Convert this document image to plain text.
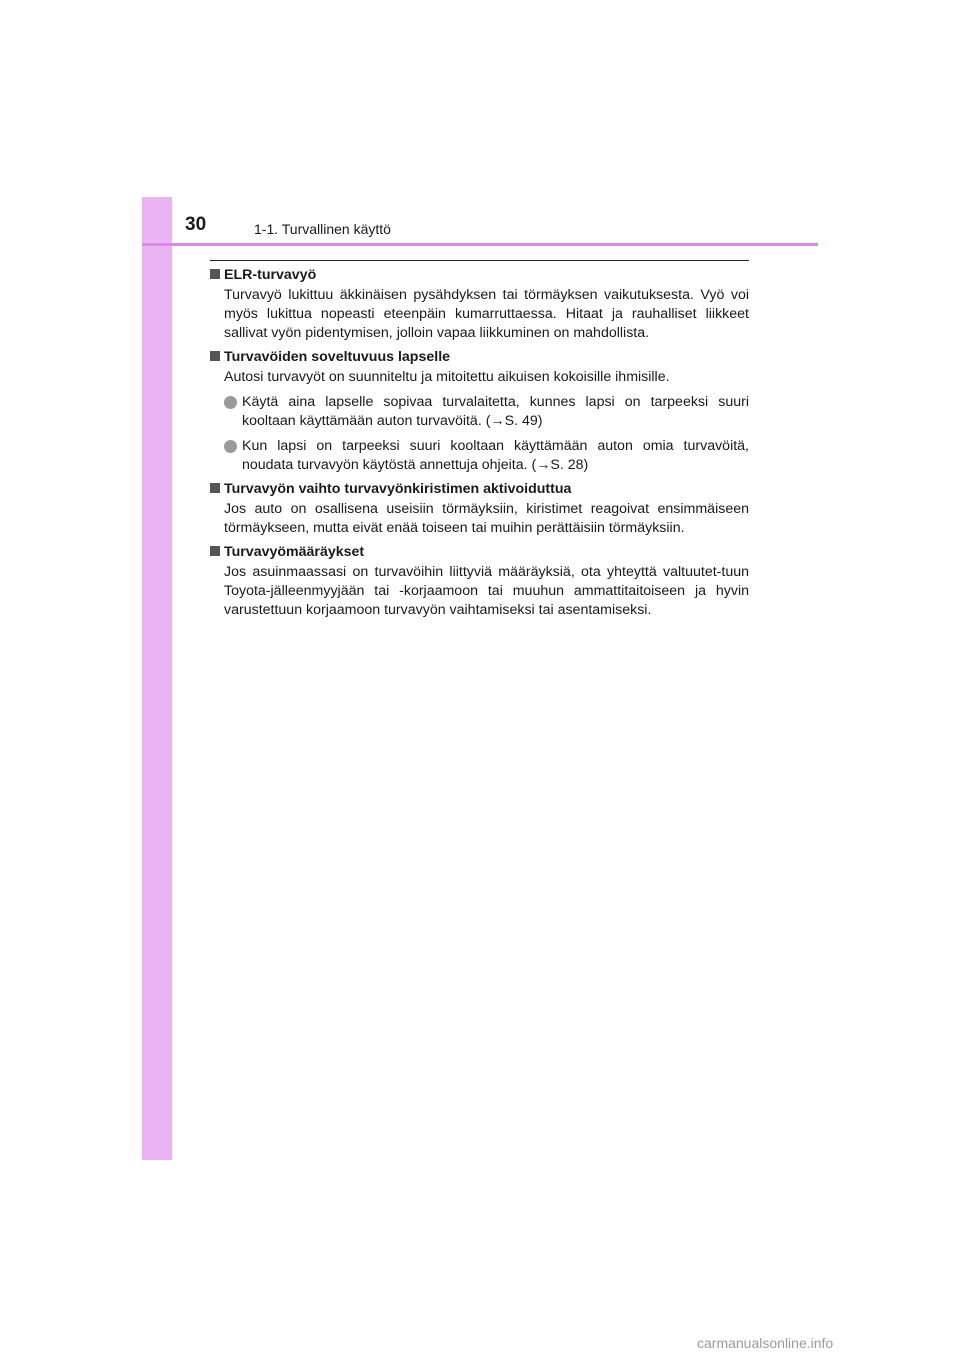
30	1-1. Turvallinen käyttö
ELR-turvavyö
Turvavyö lukittuu äkkinäisen pysähdyksen tai törmäyksen vaikutuksesta. Vyö voi myös lukittua nopeasti eteenpäin kumarruttaessa. Hitaat ja rauhalliset liikkeet sallivat vyön pidentymisen, jolloin vapaa liikkuminen on mahdollista.
Turvavöiden soveltuvuus lapselle
Autosi turvavyöt on suunniteltu ja mitoitettu aikuisen kokoisille ihmisille.
Käytä aina lapselle sopivaa turvalaitetta, kunnes lapsi on tarpeeksi suuri kooltaan käyttämään auton turvavöitä. (→S. 49)
Kun lapsi on tarpeeksi suuri kooltaan käyttämään auton omia turvavöitä, noudata turvavyön käytöstä annettuja ohjeita. (→S. 28)
Turvavyön vaihto turvavyönkiristimen aktivoiduttua
Jos auto on osallisena useisiin törmäyksiin, kiristimet reagoivat ensimmäiseen törmäykseen, mutta eivät enää toiseen tai muihin perättäisiin törmäyksiin.
Turvavyömääräykset
Jos asuinmaassasi on turvavöihin liittyviä määräyksiä, ota yhteyttä valtuutet-tuun Toyota-jälleenmyyjään tai -korjaamoon tai muuhun ammattitaitoiseen ja hyvin varustettuun korjaamoon turvavyön vaihtamiseksi tai asentamiseksi.
carmanualsonline.info
